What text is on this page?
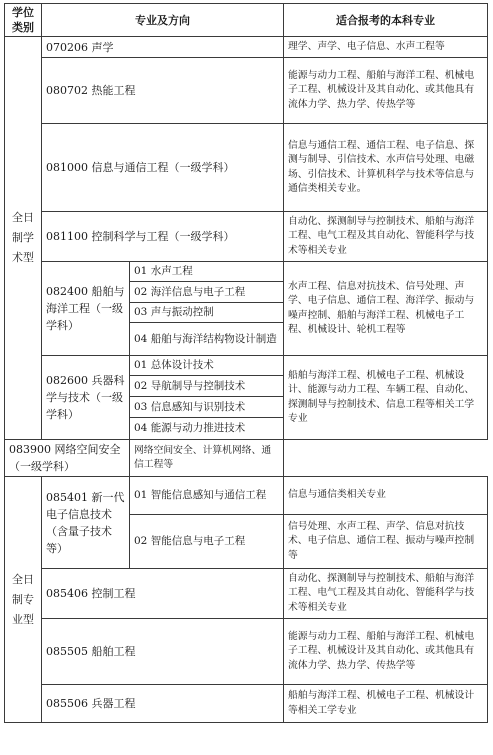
学位类别	专业及方向		适合报考的本科专业
全日制学术型	070206 声学		理学、声学、电子信息、水声工程等
	080702 热能工程		能源与动力工程、船舶与海洋工程、机械电子工程、机械设计及其自动化、或其他具有流体力学、热力学、传热学等
	081000 信息与通信工程（一级学科）		信息与通信工程、通信工程、电子信息、探测与制导、引信技术、水声信号处理、电磁场、引信技术、计算机科学与技术等信息与通信类相关专业。
	081100 控制科学与工程（一级学科）		自动化、探测制导与控制技术、船舶与海洋工程、电气工程及其自动化、智能科学与技术等相关专业
	082400 船舶与海洋工程（一级学科）	01 水声工程	水声工程、信息对抗技术、信号处理、声学、电子信息、通信工程、海洋学、振动与噪声控制、船舶与海洋工程、机械电子工程、机械设计、轮机工程等
		02 海洋信息与电子工程	
		03 声与振动控制	
		04 船舶与海洋结构物设计制造	
	082600 兵器科学与技术（一级学科）	01 总体设计技术	船舶与海洋工程、机械电子工程、机械设计、能源与动力工程、车辆工程、自动化、探测制导与控制技术、信息工程等相关工学专业
		02 导航制导与控制技术	
		03 信息感知与识别技术	
		04 能源与动力推进技术	
083900 网络空间安全（一级学科）		网络空间安全、计算机网络、通信工程等	
全日制专业型	085401 新一代电子信息技术（含量子技术等）	01 智能信息感知与通信工程	信息与通信类相关专业
		02 智能信息与电子工程	信号处理、水声工程、声学、信息对抗技术、电子信息、通信工程、振动与噪声控制等
	085406 控制工程		自动化、探测制导与控制技术、船舶与海洋工程、电气工程及其自动化、智能科学与技术等相关专业
	085505 船舶工程		能源与动力工程、船舶与海洋工程、机械电子工程、机械设计及其自动化、或其他具有流体力学、热力学、传热学等
	085506 兵器工程		船舶与海洋工程、机械电子工程、机械设计等相关工学专业
